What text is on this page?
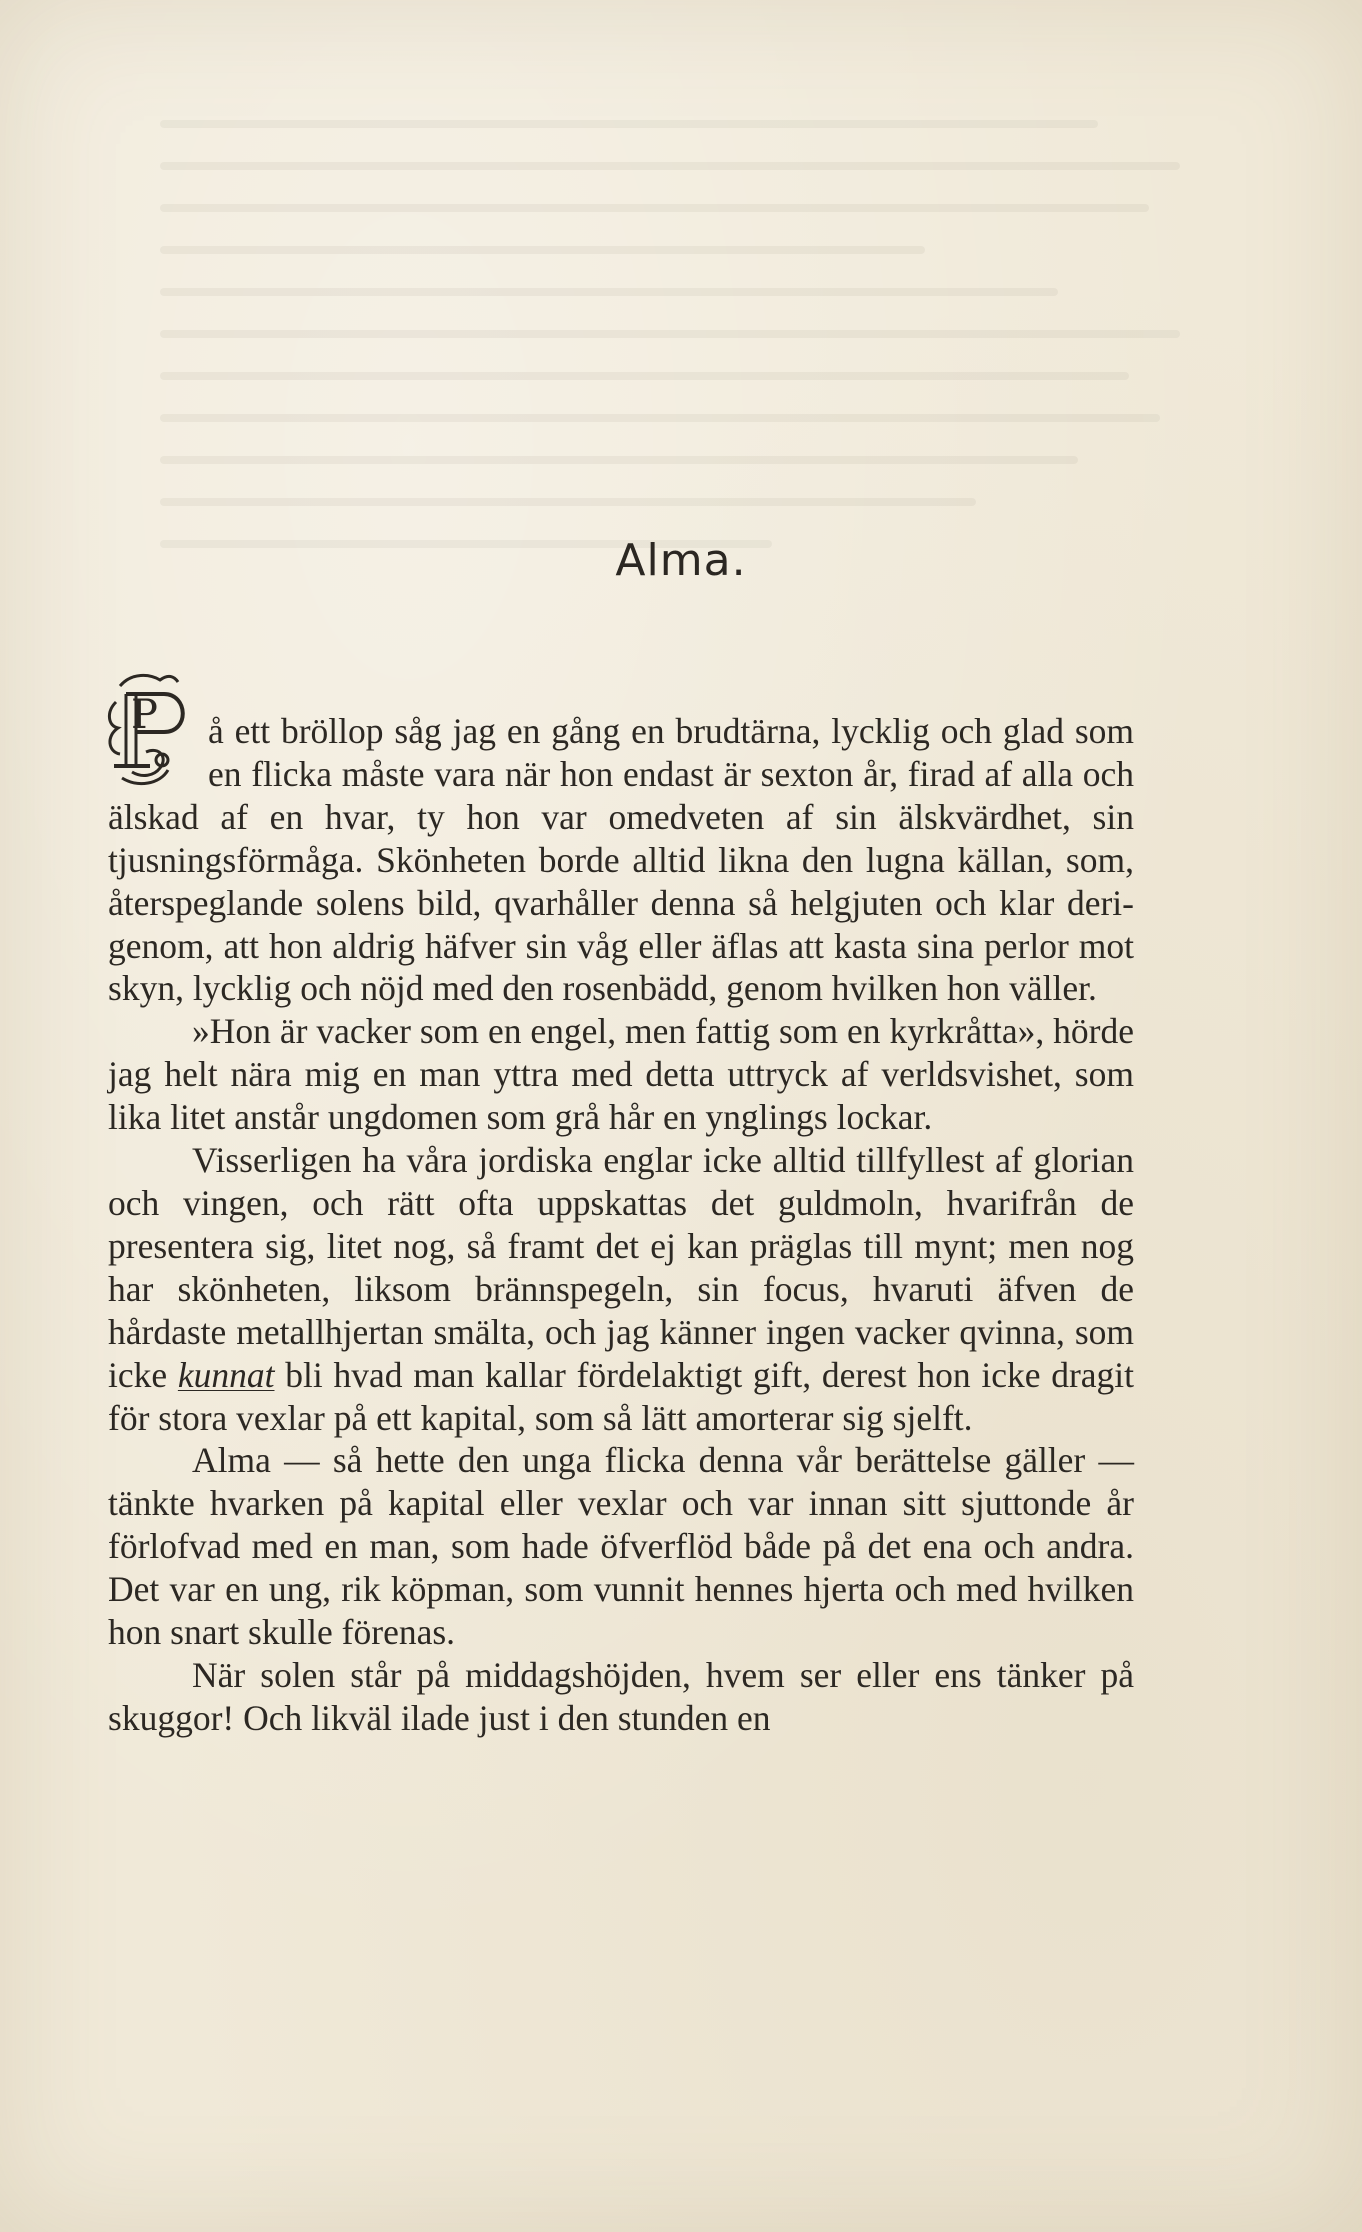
Alma.

P å ett bröllop såg jag en gång en brudtärna, lycklig och glad som en flicka måste vara när hon endast är sexton år, firad af alla och älskad af en hvar, ty hon var omedveten af sin älskvärdhet, sin tjusningsförmåga. Skönheten borde alltid likna den lugna källan, som, återspeglande solens bild, qvarhåller denna så helgjuten och klar derigenom, att hon aldrig häfver sin våg eller äflas att kasta sina perlor mot skyn, lycklig och nöjd med den rosenbädd, genom hvilken hon väller.

»Hon är vacker som en engel, men fattig som en kyrkråtta», hörde jag helt nära mig en man yttra med detta uttryck af verldsvishet, som lika litet anstår ungdomen som grå hår en ynglings lockar.

Visserligen ha våra jordiska englar icke alltid tillfyllest af glorian och vingen, och rätt ofta uppskattas det guldmoln, hvarifrån de presentera sig, litet nog, så framt det ej kan präglas till mynt; men nog har skönheten, liksom brännspegeln, sin focus, hvaruti äfven de hårdaste metallhjertan smälta, och jag känner ingen vacker qvinna, som icke kunnat bli hvad man kallar fördelaktigt gift, derest hon icke dragit för stora vexlar på ett kapital, som så lätt amorterar sig sjelft.

Alma — så hette den unga flicka denna vår berättelse gäller — tänkte hvarken på kapital eller vexlar och var innan sitt sjuttonde år förlofvad med en man, som hade öfverflöd både på det ena och andra. Det var en ung, rik köpman, som vunnit hennes hjerta och med hvilken hon snart skulle förenas.

När solen står på middagshöjden, hvem ser eller ens tänker på skuggor! Och likväl ilade just i den stunden en
